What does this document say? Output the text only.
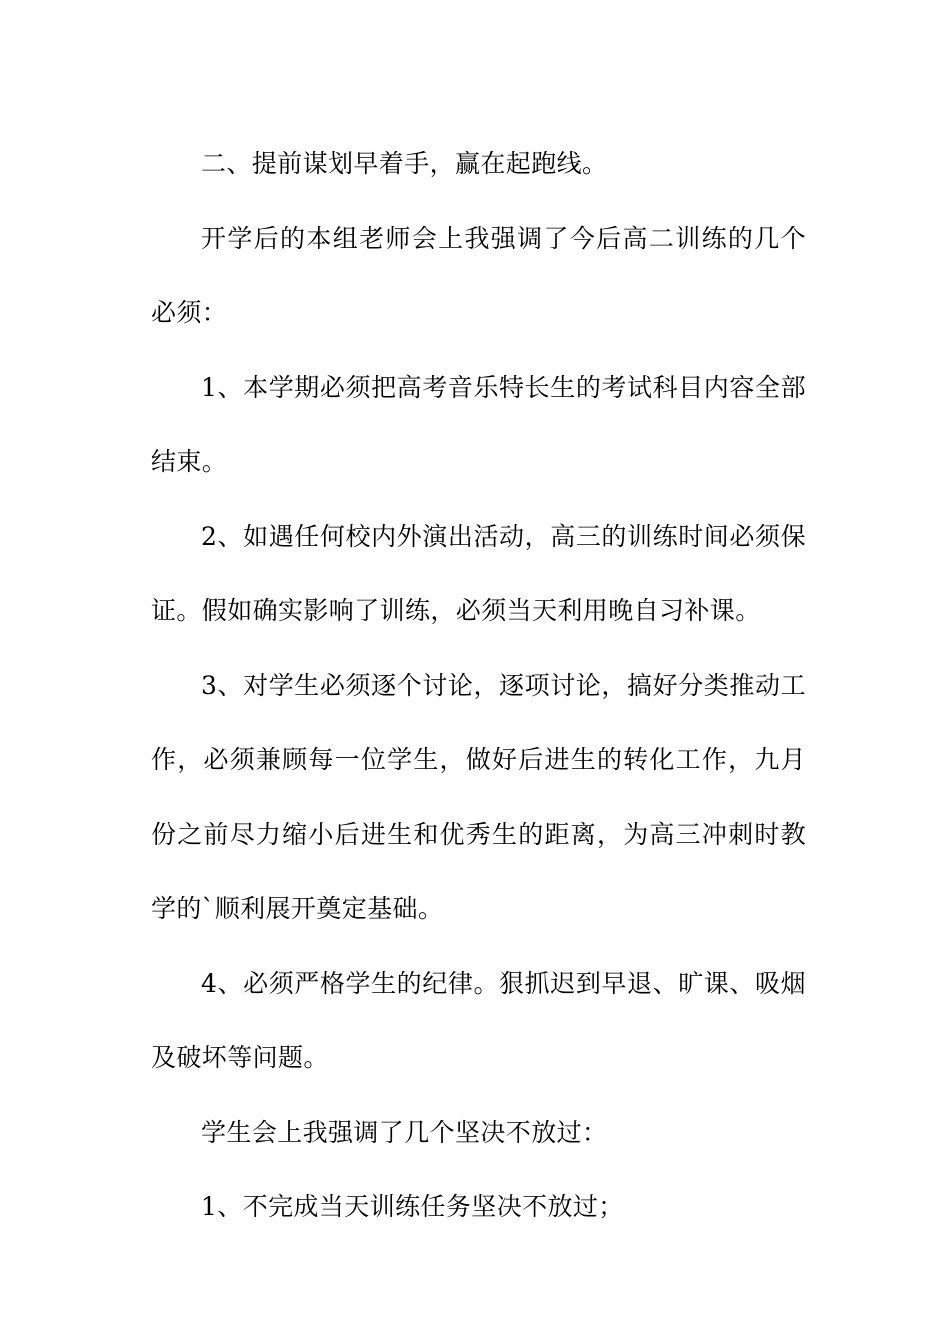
二、提前谋划早着手，赢在起跑线。

开学后的本组老师会上我强调了今后高二训练的几个必须：

1、本学期必须把高考音乐特长生的考试科目内容全部结束。

2、如遇任何校内外演出活动，高三的训练时间必须保证。假如确实影响了训练，必须当天利用晚自习补课。

3、对学生必须逐个讨论，逐项讨论，搞好分类推动工作，必须兼顾每一位学生，做好后进生的转化工作，九月份之前尽力缩小后进生和优秀生的距离，为高三冲刺时教学的`顺利展开奠定基础。

4、必须严格学生的纪律。狠抓迟到早退、旷课、吸烟及破坏等问题。

学生会上我强调了几个坚决不放过：

1、不完成当天训练任务坚决不放过；
